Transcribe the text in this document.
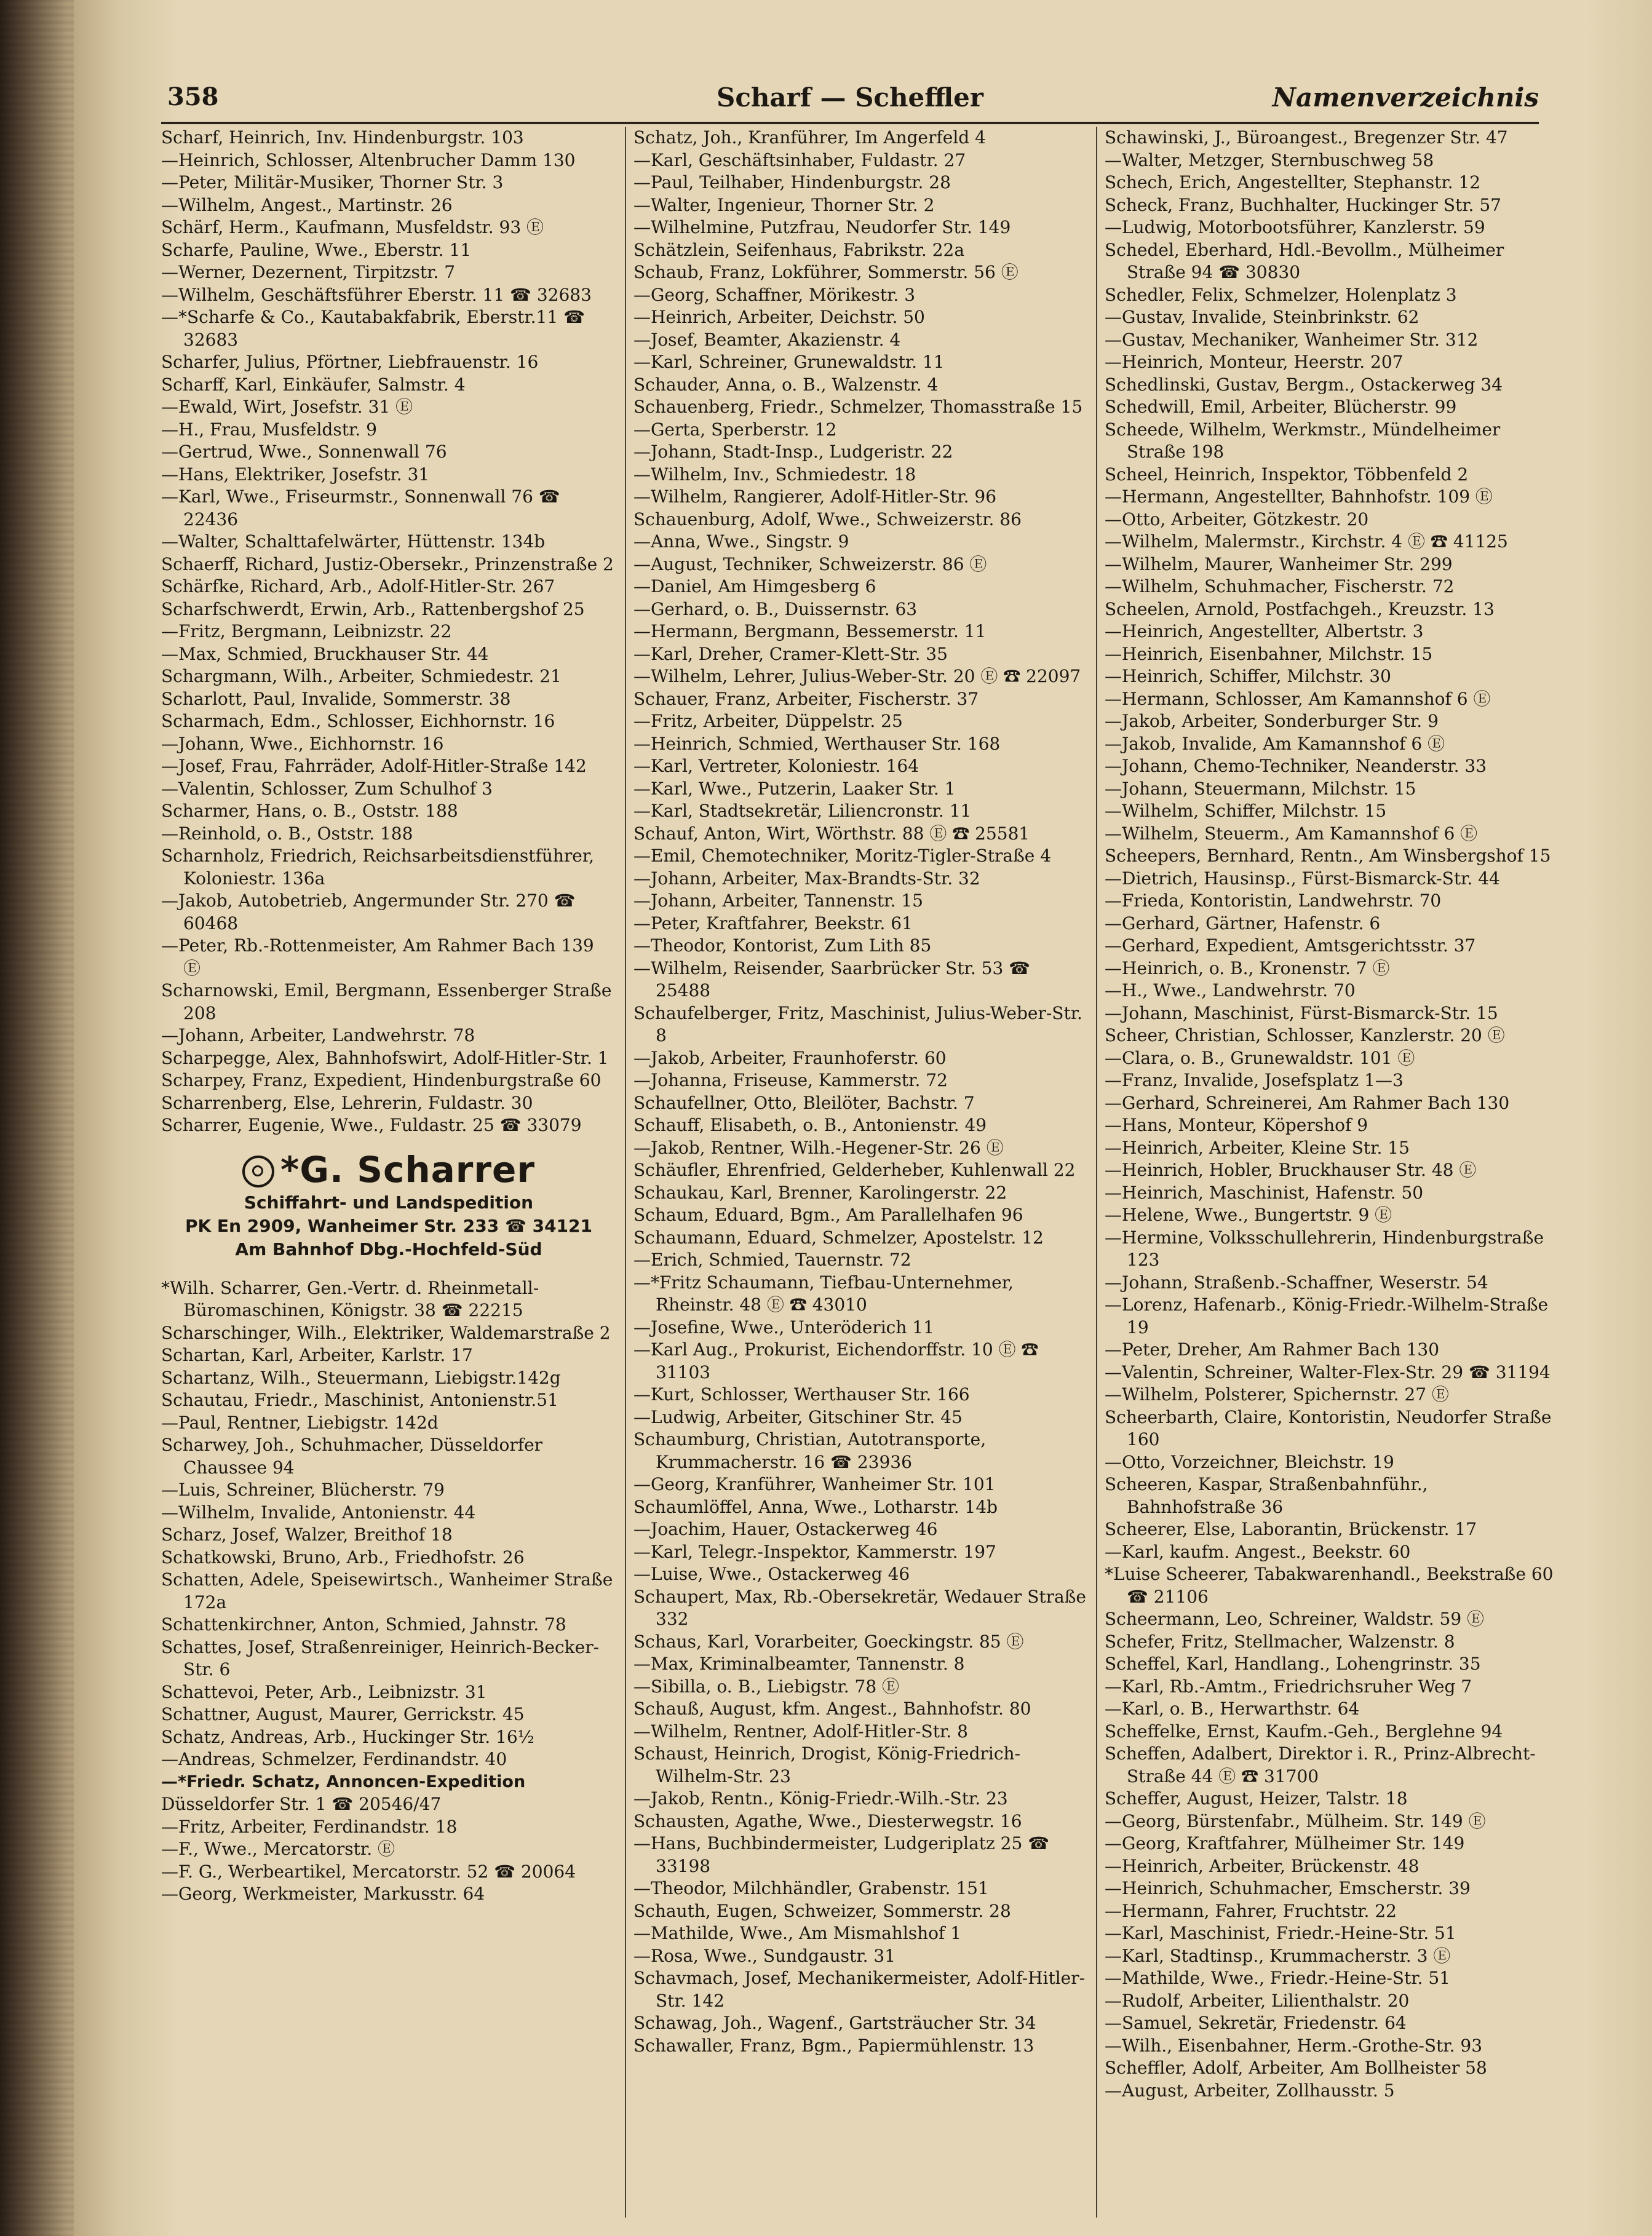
358	Scharf — Scheffler	Namenverzeichnis
Scharf, Heinrich, Inv. Hindenburgstr. 103
—Heinrich, Schlosser, Altenbrucher Damm 130
—Peter, Militär-Musiker, Thorner Str. 3
—Wilhelm, Angest., Martinstr. 26
Schärf, Herm., Kaufmann, Musfeldstr. 93 Ⓔ
Scharfe, Pauline, Wwe., Eberstr. 11
—Werner, Dezernent, Tirpitzstr. 7
—Wilhelm, Geschäftsführer Eberstr. 11 ☎ 32683
—*Scharfe & Co., Kautabakfabrik, Eberstr.11 ☎ 32683
Scharfer, Julius, Pförtner, Liebfrauenstr. 16
Scharff, Karl, Einkäufer, Salmstr. 4
—Ewald, Wirt, Josefstr. 31 Ⓔ
—H., Frau, Musfeldstr. 9
—Gertrud, Wwe., Sonnenwall 76
—Hans, Elektriker, Josefstr. 31
—Karl, Wwe., Friseurmstr., Sonnenwall 76 ☎ 22436
—Walter, Schalttafelwärter, Hüttenstr. 134b
Schaerff, Richard, Justiz-Obersekr., Prinzenstraße 2
Schärfke, Richard, Arb., Adolf-Hitler-Str. 267
Scharfschwerdt, Erwin, Arb., Rattenbergshof 25
—Fritz, Bergmann, Leibnizstr. 22
—Max, Schmied, Bruckhauser Str. 44
Schargmann, Wilh., Arbeiter, Schmiedestr. 21
Scharlott, Paul, Invalide, Sommerstr. 38
Scharmach, Edm., Schlosser, Eichhornstr. 16
—Johann, Wwe., Eichhornstr. 16
—Josef, Frau, Fahrräder, Adolf-Hitler-Straße 142
—Valentin, Schlosser, Zum Schulhof 3
Scharmer, Hans, o. B., Oststr. 188
—Reinhold, o. B., Oststr. 188
Scharnholz, Friedrich, Reichsarbeitsdienstführer, Koloniestr. 136a
—Jakob, Autobetrieb, Angermunder Str. 270 ☎ 60468
—Peter, Rb.-Rottenmeister, Am Rahmer Bach 139 Ⓔ
Scharnowski, Emil, Bergmann, Essenberger Straße 208
—Johann, Arbeiter, Landwehrstr. 78
Scharpegge, Alex, Bahnhofswirt, Adolf-Hitler-Str. 1
Scharpey, Franz, Expedient, Hindenburgstraße 60
Scharrenberg, Else, Lehrerin, Fuldastr. 30
Scharrer, Eugenie, Wwe., Fuldastr. 25 ☎ 33079
*G. Scharrer
Schiffahrt- und Landspedition
PK En 2909, Wanheimer Str. 233 ☎ 34121
Am Bahnhof Dbg.-Hochfeld-Süd
*Wilh. Scharrer, Gen.-Vertr. d. Rheinmetall-Büromaschinen, Königstr. 38 ☎ 22215
Scharschinger, Wilh., Elektriker, Waldemarstraße 2
Schartan, Karl, Arbeiter, Karlstr. 17
Schartanz, Wilh., Steuermann, Liebigstr.142g
Schautau, Friedr., Maschinist, Antonienstr.51
—Paul, Rentner, Liebigstr. 142d
Scharwey, Joh., Schuhmacher, Düsseldorfer Chaussee 94
—Luis, Schreiner, Blücherstr. 79
—Wilhelm, Invalide, Antonienstr. 44
Scharz, Josef, Walzer, Breithof 18
Schatkowski, Bruno, Arb., Friedhofstr. 26
Schatten, Adele, Speisewirtsch., Wanheimer Straße 172a
Schattenkirchner, Anton, Schmied, Jahnstr. 78
Schattes, Josef, Straßenreiniger, Heinrich-Becker-Str. 6
Schattevoi, Peter, Arb., Leibnizstr. 31
Schattner, August, Maurer, Gerrickstr. 45
Schatz, Andreas, Arb., Huckinger Str. 16½
—Andreas, Schmelzer, Ferdinandstr. 40
—*Friedr. Schatz, Annoncen-Expedition
Düsseldorfer Str. 1 ☎ 20546/47
—Fritz, Arbeiter, Ferdinandstr. 18
—F., Wwe., Mercatorstr. Ⓔ
—F. G., Werbeartikel, Mercatorstr. 52 ☎ 20064
—Georg, Werkmeister, Markusstr. 64
Schatz, Joh., Kranführer, Im Angerfeld 4
—Karl, Geschäftsinhaber, Fuldastr. 27
—Paul, Teilhaber, Hindenburgstr. 28
—Walter, Ingenieur, Thorner Str. 2
—Wilhelmine, Putzfrau, Neudorfer Str. 149
Schätzlein, Seifenhaus, Fabrikstr. 22a
Schaub, Franz, Lokführer, Sommerstr. 56 Ⓔ
—Georg, Schaffner, Mörikestr. 3
—Heinrich, Arbeiter, Deichstr. 50
—Josef, Beamter, Akazienstr. 4
—Karl, Schreiner, Grunewaldstr. 11
Schauder, Anna, o. B., Walzenstr. 4
Schauenberg, Friedr., Schmelzer, Thomasstraße 15
—Gerta, Sperberstr. 12
—Johann, Stadt-Insp., Ludgeristr. 22
—Wilhelm, Inv., Schmiedestr. 18
—Wilhelm, Rangierer, Adolf-Hitler-Str. 96
Schauenburg, Adolf, Wwe., Schweizerstr. 86
—Anna, Wwe., Singstr. 9
—August, Techniker, Schweizerstr. 86 Ⓔ
—Daniel, Am Himgesberg 6
—Gerhard, o. B., Duissernstr. 63
—Hermann, Bergmann, Bessemerstr. 11
—Karl, Dreher, Cramer-Klett-Str. 35
—Wilhelm, Lehrer, Julius-Weber-Str. 20 Ⓔ ☎ 22097
Schauer, Franz, Arbeiter, Fischerstr. 37
—Fritz, Arbeiter, Düppelstr. 25
—Heinrich, Schmied, Werthauser Str. 168
—Karl, Vertreter, Koloniestr. 164
—Karl, Wwe., Putzerin, Laaker Str. 1
—Karl, Stadtsekretär, Liliencronstr. 11
Schauf, Anton, Wirt, Wörthstr. 88 Ⓔ ☎ 25581
—Emil, Chemotechniker, Moritz-Tigler-Straße 4
—Johann, Arbeiter, Max-Brandts-Str. 32
—Johann, Arbeiter, Tannenstr. 15
—Peter, Kraftfahrer, Beekstr. 61
—Theodor, Kontorist, Zum Lith 85
—Wilhelm, Reisender, Saarbrücker Str. 53 ☎ 25488
Schaufelberger, Fritz, Maschinist, Julius-Weber-Str. 8
—Jakob, Arbeiter, Fraunhoferstr. 60
—Johanna, Friseuse, Kammerstr. 72
Schaufellner, Otto, Bleilöter, Bachstr. 7
Schauff, Elisabeth, o. B., Antonienstr. 49
—Jakob, Rentner, Wilh.-Hegener-Str. 26 Ⓔ
Schäufler, Ehrenfried, Gelderheber, Kuhlenwall 22
Schaukau, Karl, Brenner, Karolingerstr. 22
Schaum, Eduard, Bgm., Am Parallelhafen 96
Schaumann, Eduard, Schmelzer, Apostelstr. 12
—Erich, Schmied, Tauernstr. 72
—*Fritz Schaumann, Tiefbau-Unternehmer, Rheinstr. 48 Ⓔ ☎ 43010
—Josefine, Wwe., Unteröderich 11
—Karl Aug., Prokurist, Eichendorffstr. 10 Ⓔ ☎ 31103
—Kurt, Schlosser, Werthauser Str. 166
—Ludwig, Arbeiter, Gitschiner Str. 45
Schaumburg, Christian, Autotransporte, Krummacherstr. 16 ☎ 23936
—Georg, Kranführer, Wanheimer Str. 101
Schaumlöffel, Anna, Wwe., Lotharstr. 14b
—Joachim, Hauer, Ostackerweg 46
—Karl, Telegr.-Inspektor, Kammerstr. 197
—Luise, Wwe., Ostackerweg 46
Schaupert, Max, Rb.-Obersekretär, Wedauer Straße 332
Schaus, Karl, Vorarbeiter, Goeckingstr. 85 Ⓔ
—Max, Kriminalbeamter, Tannenstr. 8
—Sibilla, o. B., Liebigstr. 78 Ⓔ
Schauß, August, kfm. Angest., Bahnhofstr. 80
—Wilhelm, Rentner, Adolf-Hitler-Str. 8
Schaust, Heinrich, Drogist, König-Friedrich-Wilhelm-Str. 23
—Jakob, Rentn., König-Friedr.-Wilh.-Str. 23
Schausten, Agathe, Wwe., Diesterwegstr. 16
—Hans, Buchbindermeister, Ludgeriplatz 25 ☎ 33198
—Theodor, Milchhändler, Grabenstr. 151
Schauth, Eugen, Schweizer, Sommerstr. 28
—Mathilde, Wwe., Am Mismahlshof 1
—Rosa, Wwe., Sundgaustr. 31
Schavmach, Josef, Mechanikermeister, Adolf-Hitler-Str. 142
Schawag, Joh., Wagenf., Gartsträucher Str. 34
Schawaller, Franz, Bgm., Papiermühlenstr. 13
Schawinski, J., Büroangest., Bregenzer Str. 47
—Walter, Metzger, Sternbuschweg 58
Schech, Erich, Angestellter, Stephanstr. 12
Scheck, Franz, Buchhalter, Huckinger Str. 57
—Ludwig, Motorbootsführer, Kanzlerstr. 59
Schedel, Eberhard, Hdl.-Bevollm., Mülheimer Straße 94 ☎ 30830
Schedler, Felix, Schmelzer, Holenplatz 3
—Gustav, Invalide, Steinbrinkstr. 62
—Gustav, Mechaniker, Wanheimer Str. 312
—Heinrich, Monteur, Heerstr. 207
Schedlinski, Gustav, Bergm., Ostackerweg 34
Schedwill, Emil, Arbeiter, Blücherstr. 99
Scheede, Wilhelm, Werkmstr., Mündelheimer Straße 198
Scheel, Heinrich, Inspektor, Többenfeld 2
—Hermann, Angestellter, Bahnhofstr. 109 Ⓔ
—Otto, Arbeiter, Götzkestr. 20
—Wilhelm, Malermstr., Kirchstr. 4 Ⓔ ☎ 41125
—Wilhelm, Maurer, Wanheimer Str. 299
—Wilhelm, Schuhmacher, Fischerstr. 72
Scheelen, Arnold, Postfachgeh., Kreuzstr. 13
—Heinrich, Angestellter, Albertstr. 3
—Heinrich, Eisenbahner, Milchstr. 15
—Heinrich, Schiffer, Milchstr. 30
—Hermann, Schlosser, Am Kamannshof 6 Ⓔ
—Jakob, Arbeiter, Sonderburger Str. 9
—Jakob, Invalide, Am Kamannshof 6 Ⓔ
—Johann, Chemo-Techniker, Neanderstr. 33
—Johann, Steuermann, Milchstr. 15
—Wilhelm, Schiffer, Milchstr. 15
—Wilhelm, Steuerm., Am Kamannshof 6 Ⓔ
Scheepers, Bernhard, Rentn., Am Winsbergshof 15
—Dietrich, Hausinsp., Fürst-Bismarck-Str. 44
—Frieda, Kontoristin, Landwehrstr. 70
—Gerhard, Gärtner, Hafenstr. 6
—Gerhard, Expedient, Amtsgerichtsstr. 37
—Heinrich, o. B., Kronenstr. 7 Ⓔ
—H., Wwe., Landwehrstr. 70
—Johann, Maschinist, Fürst-Bismarck-Str. 15
Scheer, Christian, Schlosser, Kanzlerstr. 20 Ⓔ
—Clara, o. B., Grunewaldstr. 101 Ⓔ
—Franz, Invalide, Josefsplatz 1—3
—Gerhard, Schreinerei, Am Rahmer Bach 130
—Hans, Monteur, Köpershof 9
—Heinrich, Arbeiter, Kleine Str. 15
—Heinrich, Hobler, Bruckhauser Str. 48 Ⓔ
—Heinrich, Maschinist, Hafenstr. 50
—Helene, Wwe., Bungertstr. 9 Ⓔ
—Hermine, Volksschullehrerin, Hindenburgstraße 123
—Johann, Straßenb.-Schaffner, Weserstr. 54
—Lorenz, Hafenarb., König-Friedr.-Wilhelm-Straße 19
—Peter, Dreher, Am Rahmer Bach 130
—Valentin, Schreiner, Walter-Flex-Str. 29 ☎ 31194
—Wilhelm, Polsterer, Spichernstr. 27 Ⓔ
Scheerbarth, Claire, Kontoristin, Neudorfer Straße 160
—Otto, Vorzeichner, Bleichstr. 19
Scheeren, Kaspar, Straßenbahnführ., Bahnhofstraße 36
Scheerer, Else, Laborantin, Brückenstr. 17
—Karl, kaufm. Angest., Beekstr. 60
*Luise Scheerer, Tabakwarenhandl., Beekstraße 60 ☎ 21106
Scheermann, Leo, Schreiner, Waldstr. 59 Ⓔ
Schefer, Fritz, Stellmacher, Walzenstr. 8
Scheffel, Karl, Handlang., Lohengrinstr. 35
—Karl, Rb.-Amtm., Friedrichsruher Weg 7
—Karl, o. B., Herwarthstr. 64
Scheffelke, Ernst, Kaufm.-Geh., Berglehne 94
Scheffen, Adalbert, Direktor i. R., Prinz-Albrecht-Straße 44 Ⓔ ☎ 31700
Scheffer, August, Heizer, Talstr. 18
—Georg, Bürstenfabr., Mülheim. Str. 149 Ⓔ
—Georg, Kraftfahrer, Mülheimer Str. 149
—Heinrich, Arbeiter, Brückenstr. 48
—Heinrich, Schuhmacher, Emscherstr. 39
—Hermann, Fahrer, Fruchtstr. 22
—Karl, Maschinist, Friedr.-Heine-Str. 51
—Karl, Stadtinsp., Krummacherstr. 3 Ⓔ
—Mathilde, Wwe., Friedr.-Heine-Str. 51
—Rudolf, Arbeiter, Lilienthalstr. 20
—Samuel, Sekretär, Friedenstr. 64
—Wilh., Eisenbahner, Herm.-Grothe-Str. 93
Scheffler, Adolf, Arbeiter, Am Bollheister 58
—August, Arbeiter, Zollhausstr. 5
